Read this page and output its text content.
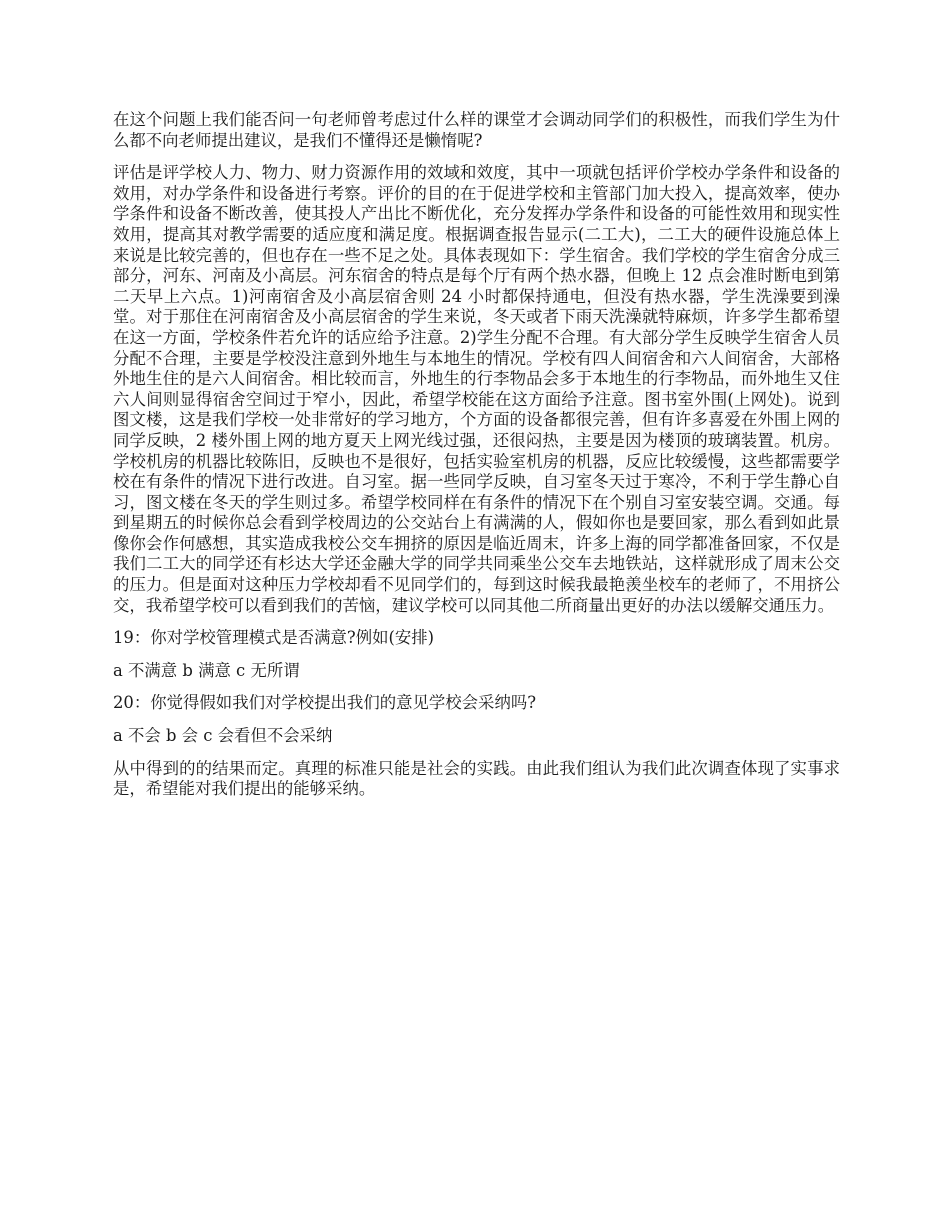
在这个问题上我们能否问一句老师曾考虑过什么样的课堂才会调动同学们的积极性，而我们学生为什么都不向老师提出建议，是我们不懂得还是懒惰呢?

评估是评学校人力、物力、财力资源作用的效域和效度，其中一项就包括评价学校办学条件和设备的效用，对办学条件和设备进行考察。评价的目的在于促进学校和主管部门加大投入，提高效率，使办学条件和设备不断改善，使其投人产出比不断优化，充分发挥办学条件和设备的可能性效用和现实性效用，提高其对教学需要的适应度和满足度。根据调查报告显示(二工大)，二工大的硬件设施总体上来说是比较完善的，但也存在一些不足之处。具体表现如下：学生宿舍。我们学校的学生宿舍分成三部分，河东、河南及小高层。河东宿舍的特点是每个厅有两个热水器，但晚上 12 点会准时断电到第二天早上六点。1)河南宿舍及小高层宿舍则 24 小时都保持通电，但没有热水器，学生洗澡要到澡堂。对于那住在河南宿舍及小高层宿舍的学生来说，冬天或者下雨天洗澡就特麻烦，许多学生都希望在这一方面，学校条件若允许的话应给予注意。2)学生分配不合理。有大部分学生反映学生宿舍人员分配不合理，主要是学校没注意到外地生与本地生的情况。学校有四人间宿舍和六人间宿舍，大部格外地生住的是六人间宿舍。相比较而言，外地生的行李物品会多于本地生的行李物品，而外地生又住六人间则显得宿舍空间过于窄小，因此，希望学校能在这方面给予注意。图书室外围(上网处)。说到图文楼，这是我们学校一处非常好的学习地方，个方面的设备都很完善，但有许多喜爱在外围上网的同学反映，2 楼外围上网的地方夏天上网光线过强，还很闷热，主要是因为楼顶的玻璃装置。机房。学校机房的机器比较陈旧，反映也不是很好，包括实验室机房的机器，反应比较缓慢，这些都需要学校在有条件的情况下进行改进。自习室。据一些同学反映，自习室冬天过于寒冷，不利于学生静心自习，图文楼在冬天的学生则过多。希望学校同样在有条件的情况下在个别自习室安装空调。交通。每到星期五的时候你总会看到学校周边的公交站台上有满满的人，假如你也是要回家，那么看到如此景像你会作何感想，其实造成我校公交车拥挤的原因是临近周末，许多上海的同学都准备回家，不仅是我们二工大的同学还有杉达大学还金融大学的同学共同乘坐公交车去地铁站，这样就形成了周末公交的压力。但是面对这种压力学校却看不见同学们的，每到这时候我最艳羡坐校车的老师了，不用挤公交，我希望学校可以看到我们的苦恼，建议学校可以同其他二所商量出更好的办法以缓解交通压力。

19：你对学校管理模式是否满意?例如(安排)

a 不满意 b 满意 c 无所谓

20：你觉得假如我们对学校提出我们的意见学校会采纳吗?

a 不会 b 会 c 会看但不会采纳

从中得到的的结果而定。真理的标准只能是社会的实践。由此我们组认为我们此次调查体现了实事求是，希望能对我们提出的能够采纳。
